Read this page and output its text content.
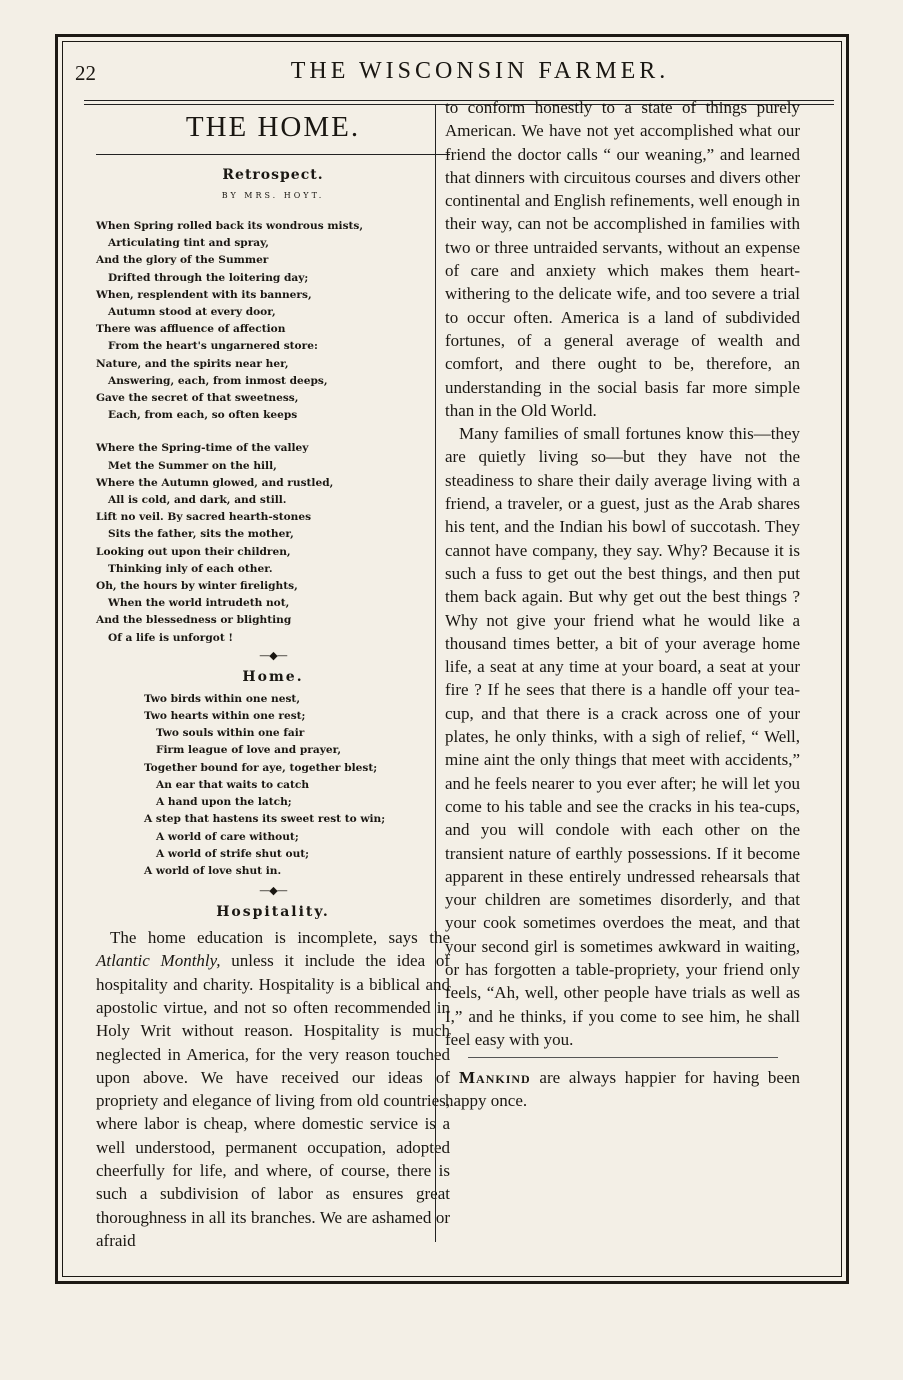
22	THE WISCONSIN FARMER.
THE HOME.
Retrospect.
BY MRS. HOYT.
When Spring rolled back its wondrous mists,
Articulating tint and spray,
And the glory of the Summer
Drifted through the loitering day;
When, resplendent with its banners,
Autumn stood at every door,
There was affluence of affection
From the heart's ungarnered store:
Nature, and the spirits near her,
Answering, each, from inmost deeps,
Gave the secret of that sweetness,
Each, from each, so often keeps
Where the Spring-time of the valley
Met the Summer on the hill,
Where the Autumn glowed, and rustled,
All is cold, and dark, and still.
Lift no veil. By sacred hearth-stones
Sits the father, sits the mother,
Looking out upon their children,
Thinking inly of each other.
Oh, the hours by winter firelights,
When the world intrudeth not,
And the blessedness or blighting
Of a life is unforgot !
—◆—
Home.
Two birds within one nest,
Two hearts within one rest;
Two souls within one fair
Firm league of love and prayer,
Together bound for aye, together blest;
An ear that waits to catch
A hand upon the latch;
A step that hastens its sweet rest to win;
A world of care without;
A world of strife shut out;
A world of love shut in.
—◆—
Hospitality.

The home education is incomplete, says the Atlantic Monthly, unless it include the idea of hospitality and charity. Hospitality is a biblical and apostolic virtue, and not so often recommended in Holy Writ without reason. Hospitality is much neglected in America, for the very reason touched upon above. We have received our ideas of propriety and elegance of living from old countries, where labor is cheap, where domestic service is a well understood, permanent occupation, adopted cheerfully for life, and where, of course, there is such a subdivision of labor as ensures great thoroughness in all its branches. We are ashamed or afraid

to conform honestly to a state of things purely American. We have not yet accomplished what our friend the doctor calls “ our weaning,” and learned that dinners with circuitous courses and divers other continental and English refinements, well enough in their way, can not be accomplished in families with two or three untraided servants, without an expense of care and anxiety which makes them heart-withering to the delicate wife, and too severe a trial to occur often. America is a land of subdivided fortunes, of a general average of wealth and comfort, and there ought to be, therefore, an understanding in the social basis far more simple than in the Old World.

Many families of small fortunes know this—they are quietly living so—but they have not the steadiness to share their daily average living with a friend, a traveler, or a guest, just as the Arab shares his tent, and the Indian his bowl of succotash. They cannot have company, they say. Why? Because it is such a fuss to get out the best things, and then put them back again. But why get out the best things ? Why not give your friend what he would like a thousand times better, a bit of your average home life, a seat at any time at your board, a seat at your fire ? If he sees that there is a handle off your tea-cup, and that there is a crack across one of your plates, he only thinks, with a sigh of relief, “ Well, mine aint the only things that meet with accidents,” and he feels nearer to you ever after; he will let you come to his table and see the cracks in his tea-cups, and you will condole with each other on the transient nature of earthly possessions. If it become apparent in these entirely undressed rehearsals that your children are sometimes disorderly, and that your cook sometimes overdoes the meat, and that your second girl is sometimes awkward in waiting, or has forgotten a table-propriety, your friend only feels, “Ah, well, other people have trials as well as I,” and he thinks, if you come to see him, he shall feel easy with you.

Mankind are always happier for having been happy once.
